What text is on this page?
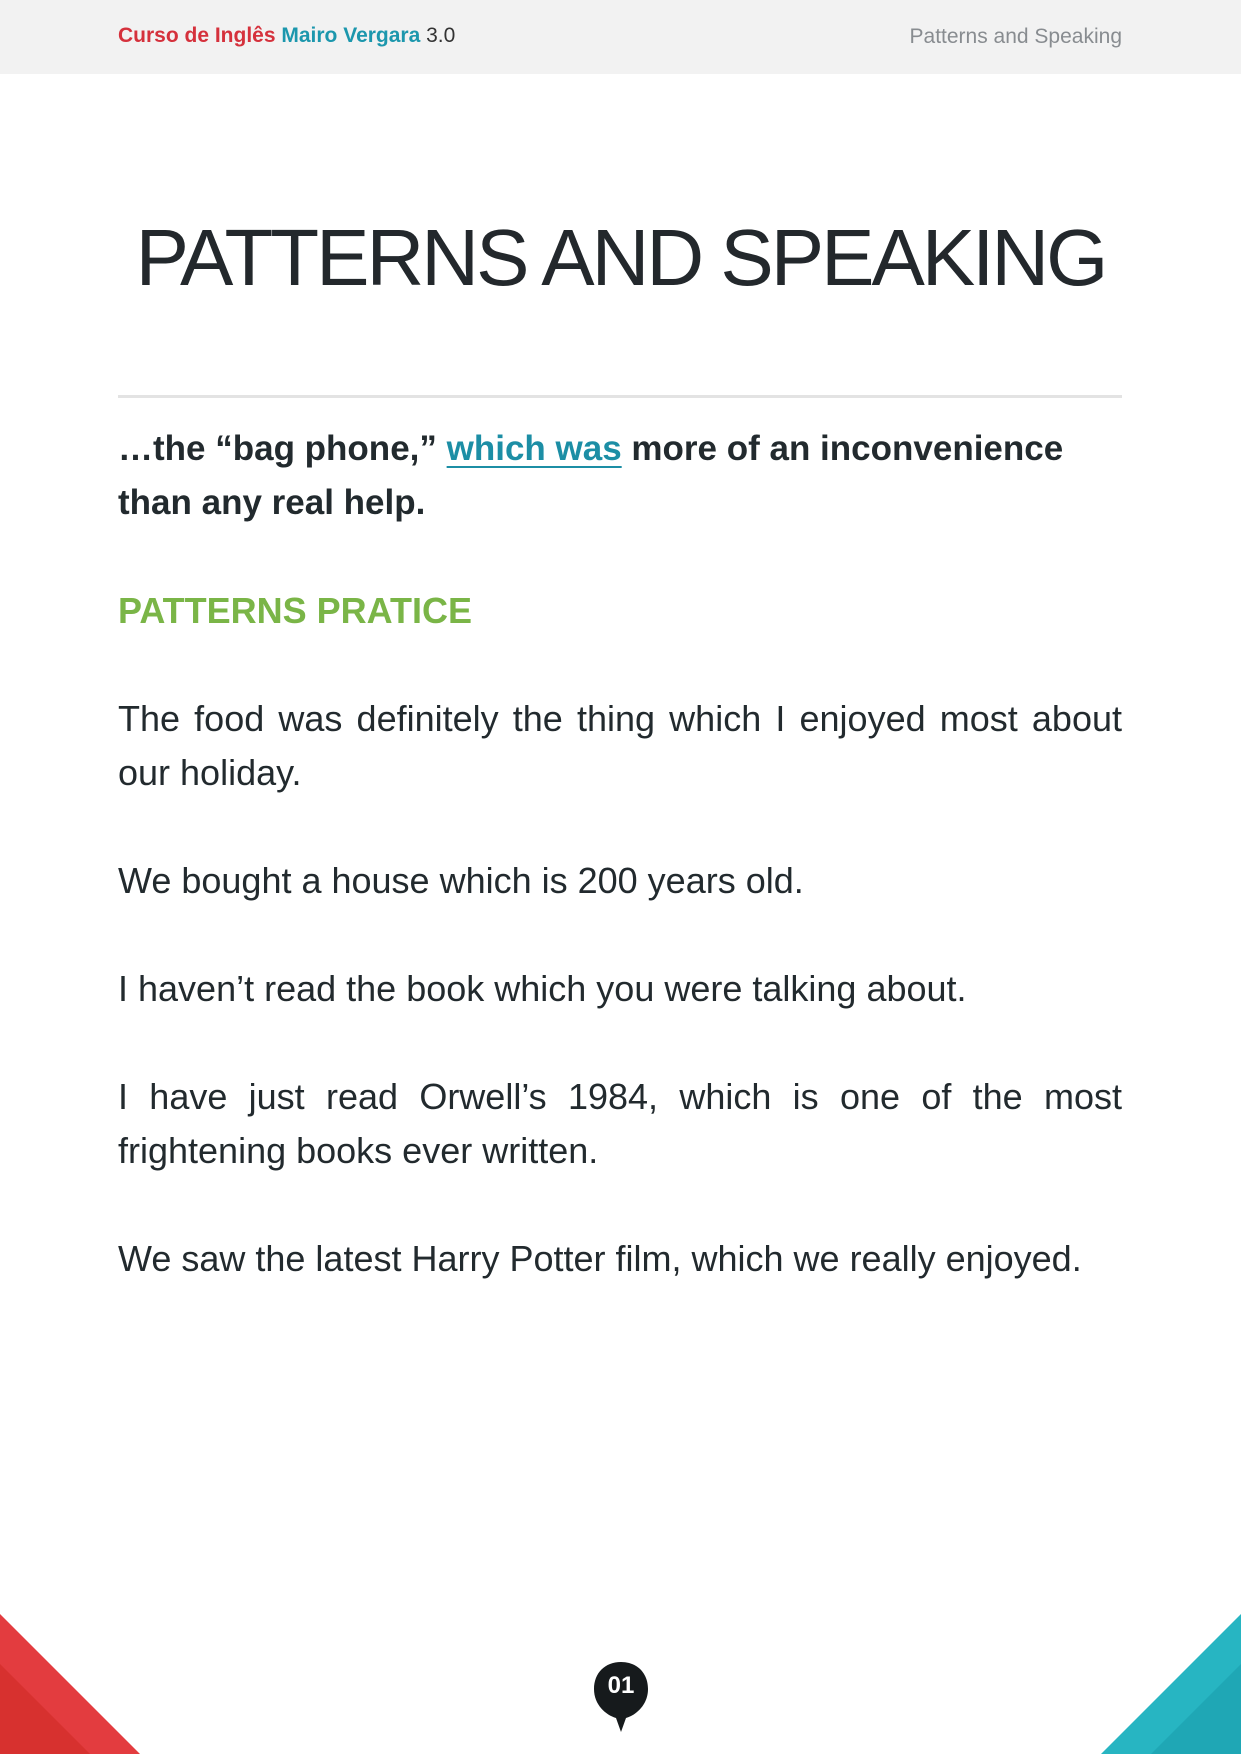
Curso de Inglês Mairo Vergara 3.0	Patterns and Speaking
PATTERNS AND SPEAKING

…the “bag phone,” which was more of an inconvenience than any real help.

PATTERNS PRATICE

The food was definitely the thing which I enjoyed most about our holiday.

We bought a house which is 200 years old.

I haven’t read the book which you were talking about.

I have just read Orwell’s 1984, which is one of the most frightening books ever written.

We saw the latest Harry Potter film, which we really enjoyed.

01
